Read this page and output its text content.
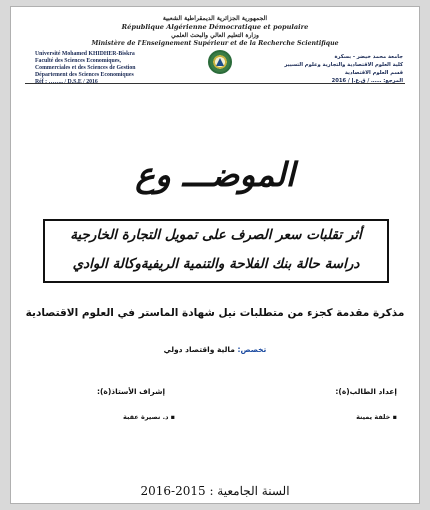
الجمهورية الجزائرية الديمقراطية الشعبية
République Algérienne Démocratique et populaire
وزارة التعليم العالي والبحث العلمي
Ministère de l'Enseignement Supérieur et de la Recherche Scientifique
Université Mohamed KHIDHER-Biskra
Faculté des Sciences Economiques,
Commerciales et des Sciences de Gestion
Département des Sciences Economiques
Réf : …….. / D.S.E / 2016
جامعة محمد خيضر - بسكرة
كلية العلوم الاقتصادية والتجارية وعلوم التسيير
قسم العلوم الاقتصادية
المرجع: …… / ق.ع.إ / 2016
الموضـــ وع
أثر تقلبات سعر الصرف على تمويل التجارة الخارجية
دراسة حالة بنك الفلاحة والتنمية الريفيةوكالة الوادي
مذكرة مقدمة كجزء من متطلبات نيل شهادة الماستر في العلوم الاقتصادية
تخصص: مالية واقتصاد دولي
إعداد الطالب(ة):
إشراف الأستاذ(ة):
▪ خلفة يمينة
▪ د. نصيرة عقبة
السنة الجامعية : 2015-2016
